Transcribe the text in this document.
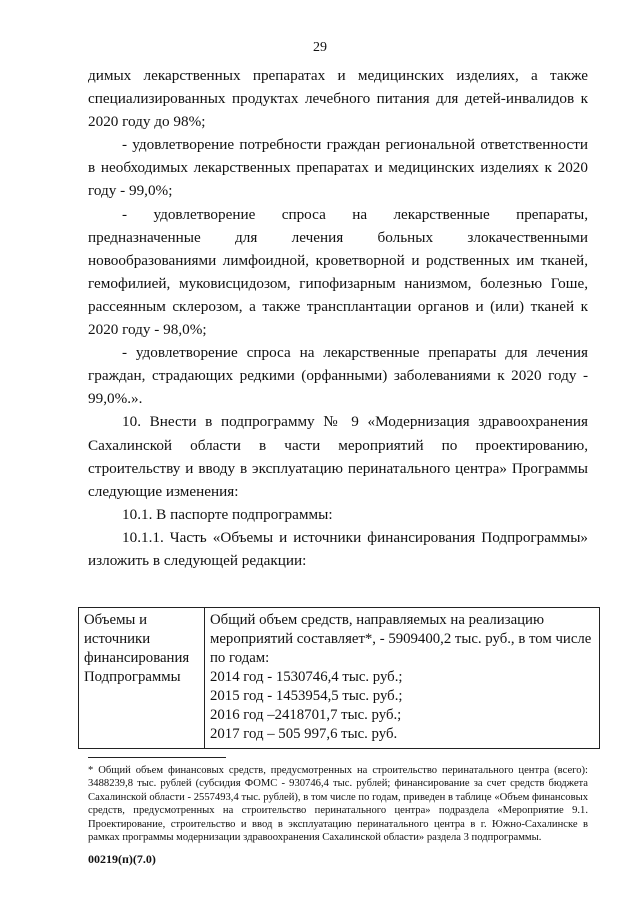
29

димых лекарственных препаратах и медицинских изделиях, а также специализированных продуктах лечебного питания для детей-инвалидов к 2020 году до 98%;

- удовлетворение потребности граждан региональной ответственности в необходимых лекарственных препаратах и медицинских изделиях к 2020 году - 99,0%;

- удовлетворение спроса на лекарственные препараты, предназначенные для лечения больных злокачественными новообразованиями лимфоидной, кроветворной и родственных им тканей, гемофилией, муковисцидозом, гипофизарным нанизмом, болезнью Гоше, рассеянным склерозом, а также трансплантации органов и (или) тканей к 2020 году - 98,0%;

- удовлетворение спроса на лекарственные препараты для лечения граждан, страдающих редкими (орфанными) заболеваниями к 2020 году - 99,0%.».

10. Внести в подпрограмму № 9 «Модернизация здравоохранения Сахалинской области в части мероприятий по проектированию, строительству и вводу в эксплуатацию перинатального центра» Программы следующие изменения:

10.1. В паспорте подпрограммы:

10.1.1. Часть «Объемы и источники финансирования Подпрограммы» изложить в следующей редакции:

Объемы и источники финансирования Подпрограммы	Общий объем средств, направляемых на реализацию мероприятий составляет*, - 5909400,2 тыс. руб., в том числе по годам:
2014 год - 1530746,4 тыс. руб.;
2015 год - 1453954,5 тыс. руб.;
2016 год –2418701,7 тыс. руб.;
2017 год – 505 997,6 тыс. руб.
* Общий объем финансовых средств, предусмотренных на строительство перинатального центра (всего): 3488239,8 тыс. рублей (субсидия ФОМС - 930746,4 тыс. рублей; финансирование за счет средств бюджета Сахалинской области - 2557493,4 тыс. рублей), в том числе по годам, приведен в таблице «Объем финансовых средств, предусмотренных на строительство перинатального центра» подраздела «Мероприятие 9.1. Проектирование, строительство и ввод в эксплуатацию перинатального центра в г. Южно-Сахалинске в рамках программы модернизации здравоохранения Сахалинской области» раздела 3 подпрограммы.
00219(п)(7.0)
